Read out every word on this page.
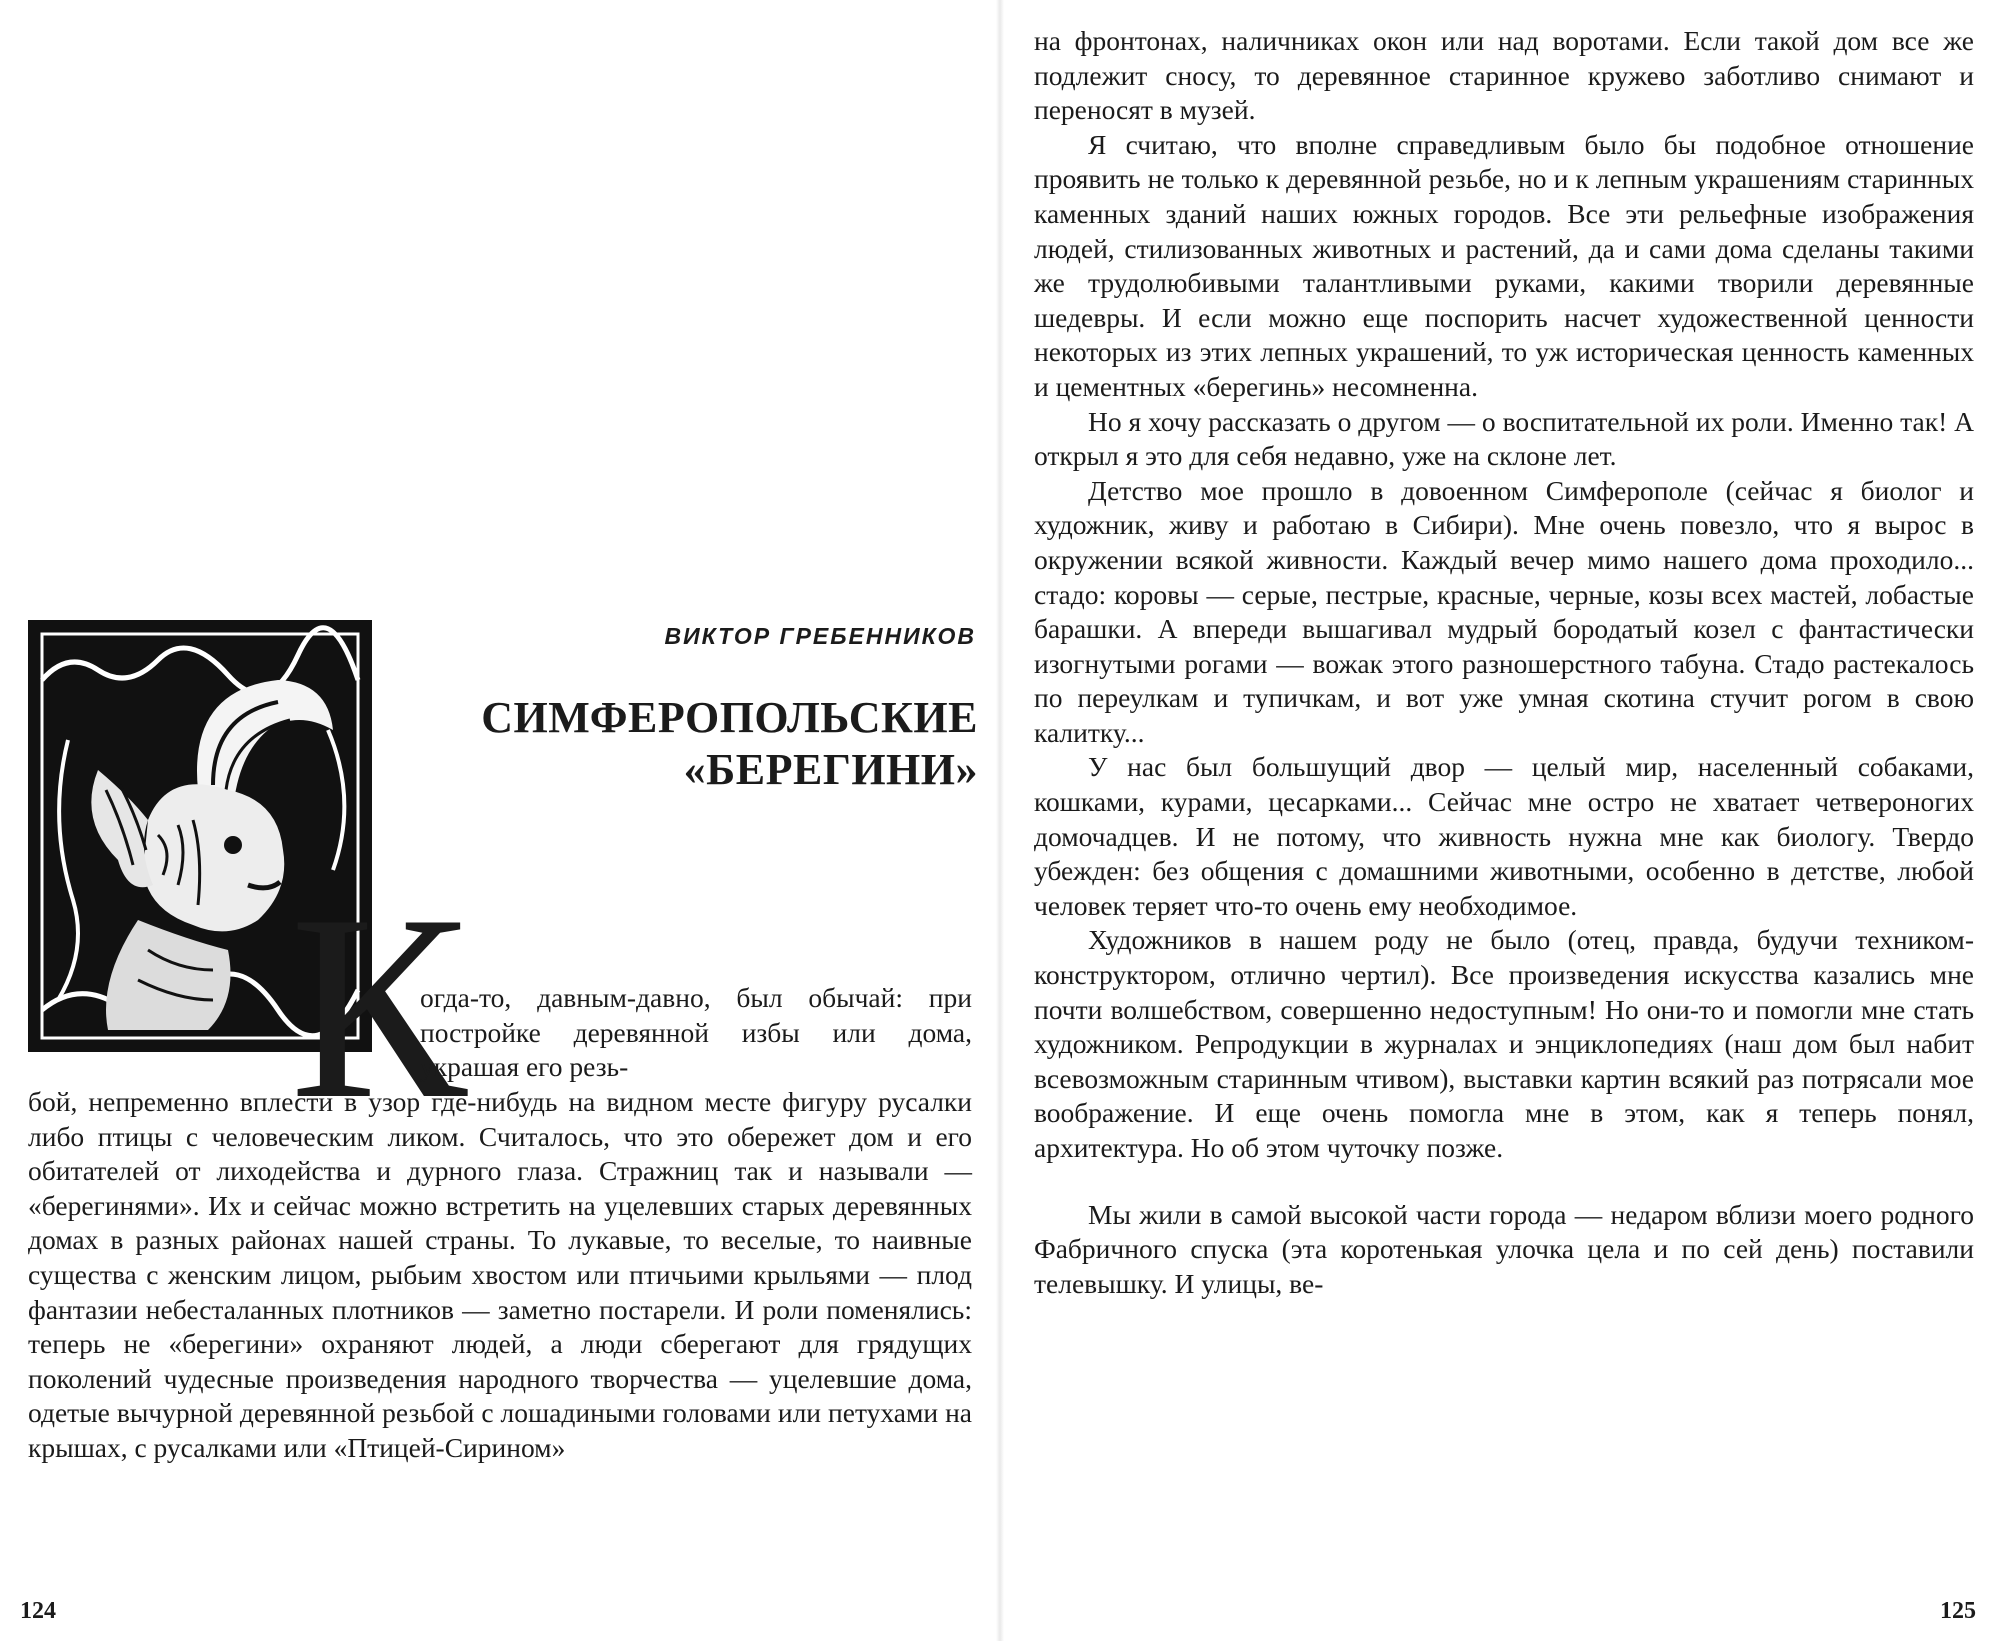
К

ВИКТОР ГРЕБЕННИКОВ

СИМФЕРОПОЛЬСКИЕ
«БЕРЕГИНИ»

огда-то, давным-давно, был обычай: при постройке деревянной избы или дома, украшая его резь-

бой, непременно вплести в узор где-нибудь на видном месте фигуру русалки либо птицы с человеческим ликом. Считалось, что это обережет дом и его обитателей от лиходейства и дурного глаза. Стражниц так и называли — «берегинями». Их и сейчас можно встретить на уцелевших старых деревянных домах в разных районах нашей страны. То лукавые, то веселые, то наивные существа с женским лицом, рыбьим хвостом или птичьими крыльями — плод фантазии небесталанных плотников — заметно постарели. И роли поменялись: теперь не «берегини» охраняют людей, а люди сберегают для грядущих поколений чудесные произведения народного творчества — уцелевшие дома, одетые вычурной деревянной резьбой с лошадиными головами или петухами на крышах, с русалками или «Птицей-Сирином»

124

на фронтонах, наличниках окон или над воротами. Если такой дом все же подлежит сносу, то деревянное старинное кружево заботливо снимают и переносят в музей.

Я считаю, что вполне справедливым было бы подобное отношение проявить не только к деревянной резьбе, но и к лепным украшениям старинных каменных зданий наших южных городов. Все эти рельефные изображения людей, стилизованных животных и растений, да и сами дома сделаны такими же трудолюбивыми талантливыми руками, какими творили деревянные шедевры. И если можно еще поспорить насчет художественной ценности некоторых из этих лепных украшений, то уж историческая ценность каменных и цементных «берегинь» несомненна.

Но я хочу рассказать о другом — о воспитательной их роли. Именно так! А открыл я это для себя недавно, уже на склоне лет.

Детство мое прошло в довоенном Симферополе (сейчас я биолог и художник, живу и работаю в Сибири). Мне очень повезло, что я вырос в окружении всякой живности. Каждый вечер мимо нашего дома проходило... стадо: коровы — серые, пестрые, красные, черные, козы всех мастей, лобастые барашки. А впереди вышагивал мудрый бородатый козел с фантастически изогнутыми рогами — вожак этого разношерстного табуна. Стадо растекалось по переулкам и тупичкам, и вот уже умная скотина стучит рогом в свою калитку...

У нас был большущий двор — целый мир, населенный собаками, кошками, курами, цесарками... Сейчас мне остро не хватает четвероногих домочадцев. И не потому, что живность нужна мне как биологу. Твердо убежден: без общения с домашними животными, особенно в детстве, любой человек теряет что-то очень ему необходимое.

Художников в нашем роду не было (отец, правда, будучи техником-конструктором, отлично чертил). Все произведения искусства казались мне почти волшебством, совершенно недоступным! Но они-то и помогли мне стать художником. Репродукции в журналах и энциклопедиях (наш дом был набит всевозможным старинным чтивом), выставки картин всякий раз потрясали мое воображение. И еще очень помогла мне в этом, как я теперь понял, архитектура. Но об этом чуточку позже.

Мы жили в самой высокой части города — недаром вблизи моего родного Фабричного спуска (эта коротенькая улочка цела и по сей день) поставили телевышку. И улицы, ве-

125
